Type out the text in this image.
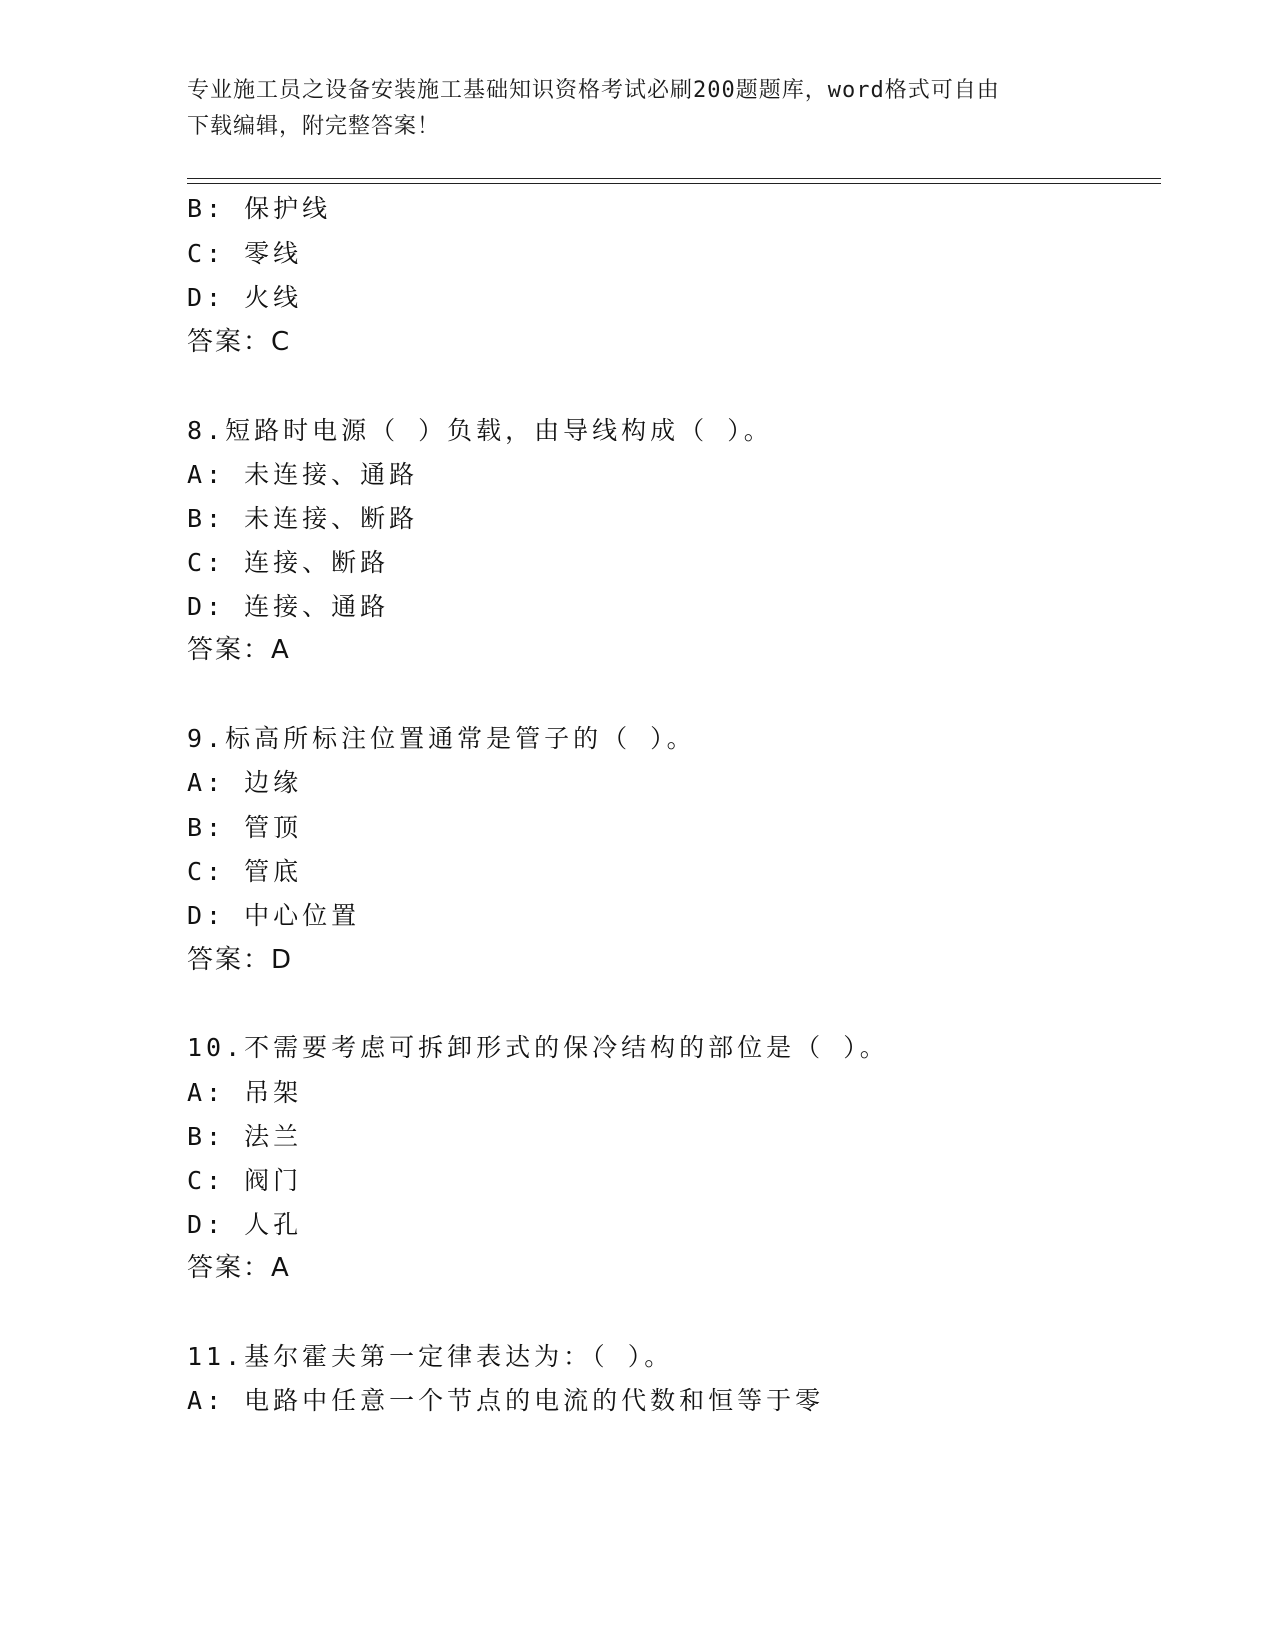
专业施工员之设备安装施工基础知识资格考试必刷200题题库，word格式可自由
下载编辑，附完整答案！
B: 保护线
C: 零线
D: 火线
答案：C
8.短路时电源（ ）负载，由导线构成（ ）。
A: 未连接、通路
B: 未连接、断路
C: 连接、断路
D: 连接、通路
答案：A
9.标高所标注位置通常是管子的（ ）。
A: 边缘
B: 管顶
C: 管底
D: 中心位置
答案：D
10.不需要考虑可拆卸形式的保冷结构的部位是（ ）。
A: 吊架
B: 法兰
C: 阀门
D: 人孔
答案：A
11.基尔霍夫第一定律表达为：（ ）。
A: 电路中任意一个节点的电流的代数和恒等于零
